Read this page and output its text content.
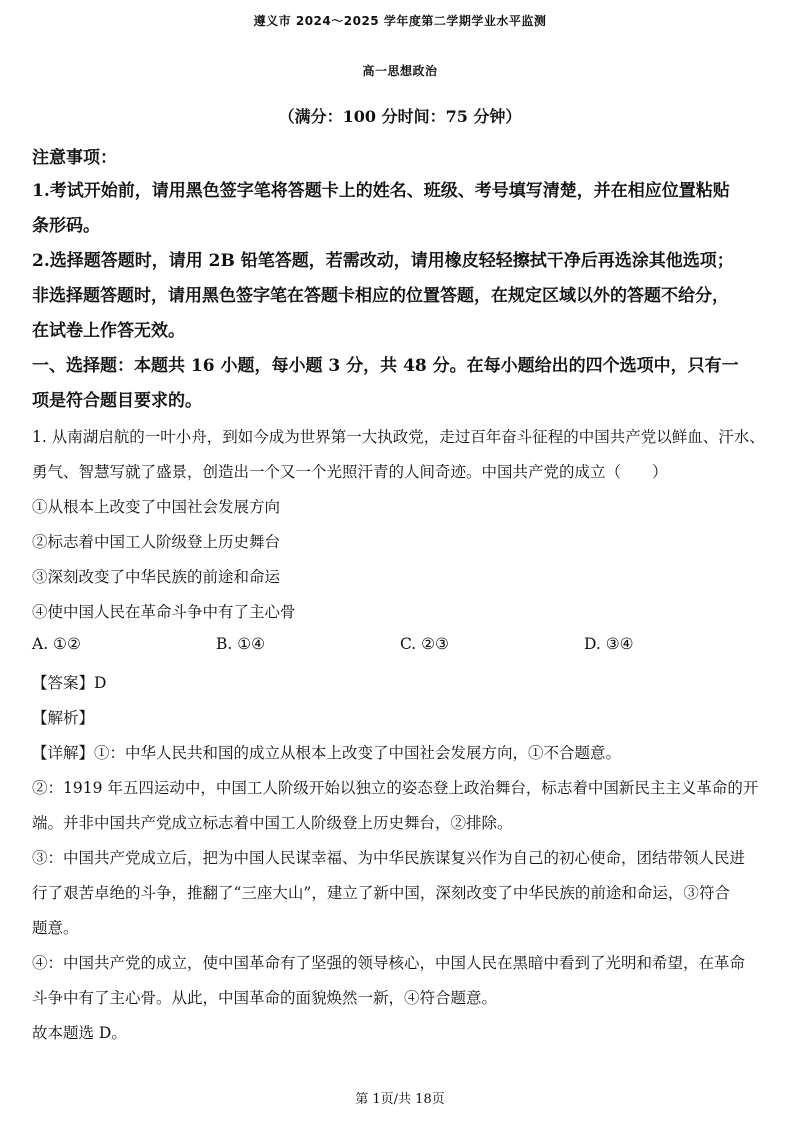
遵义市 2024～2025 学年度第二学期学业水平监测
高一思想政治
（满分：100 分时间：75 分钟）
注意事项：
1.考试开始前，请用黑色签字笔将答题卡上的姓名、班级、考号填写清楚，并在相应位置粘贴
条形码。
2.选择题答题时，请用 2B 铅笔答题，若需改动，请用橡皮轻轻擦拭干净后再选涂其他选项；
非选择题答题时，请用黑色签字笔在答题卡相应的位置答题，在规定区域以外的答题不给分，
在试卷上作答无效。
一、选择题：本题共 16 小题，每小题 3 分，共 48 分。在每小题给出的四个选项中，只有一
项是符合题目要求的。
1. 从南湖启航的一叶小舟，到如今成为世界第一大执政党，走过百年奋斗征程的中国共产党以鲜血、汗水、
勇气、智慧写就了盛景，创造出一个又一个光照汗青的人间奇迹。中国共产党的成立（　　）
①从根本上改变了中国社会发展方向
②标志着中国工人阶级登上历史舞台
③深刻改变了中华民族的前途和命运
④使中国人民在革命斗争中有了主心骨
A. ①②	B. ①④	C. ②③	D. ③④
【答案】D
【解析】
【详解】①：中华人民共和国的成立从根本上改变了中国社会发展方向，①不合题意。
②：1919 年五四运动中，中国工人阶级开始以独立的姿态登上政治舞台，标志着中国新民主主义革命的开
端。并非中国共产党成立标志着中国工人阶级登上历史舞台，②排除。
③：中国共产党成立后，把为中国人民谋幸福、为中华民族谋复兴作为自己的初心使命，团结带领人民进
行了艰苦卓绝的斗争，推翻了“三座大山”，建立了新中国，深刻改变了中华民族的前途和命运，③符合
题意。
④：中国共产党的成立，使中国革命有了坚强的领导核心，中国人民在黑暗中看到了光明和希望，在革命
斗争中有了主心骨。从此，中国革命的面貌焕然一新，④符合题意。
故本题选 D。
第 1页/共 18页
